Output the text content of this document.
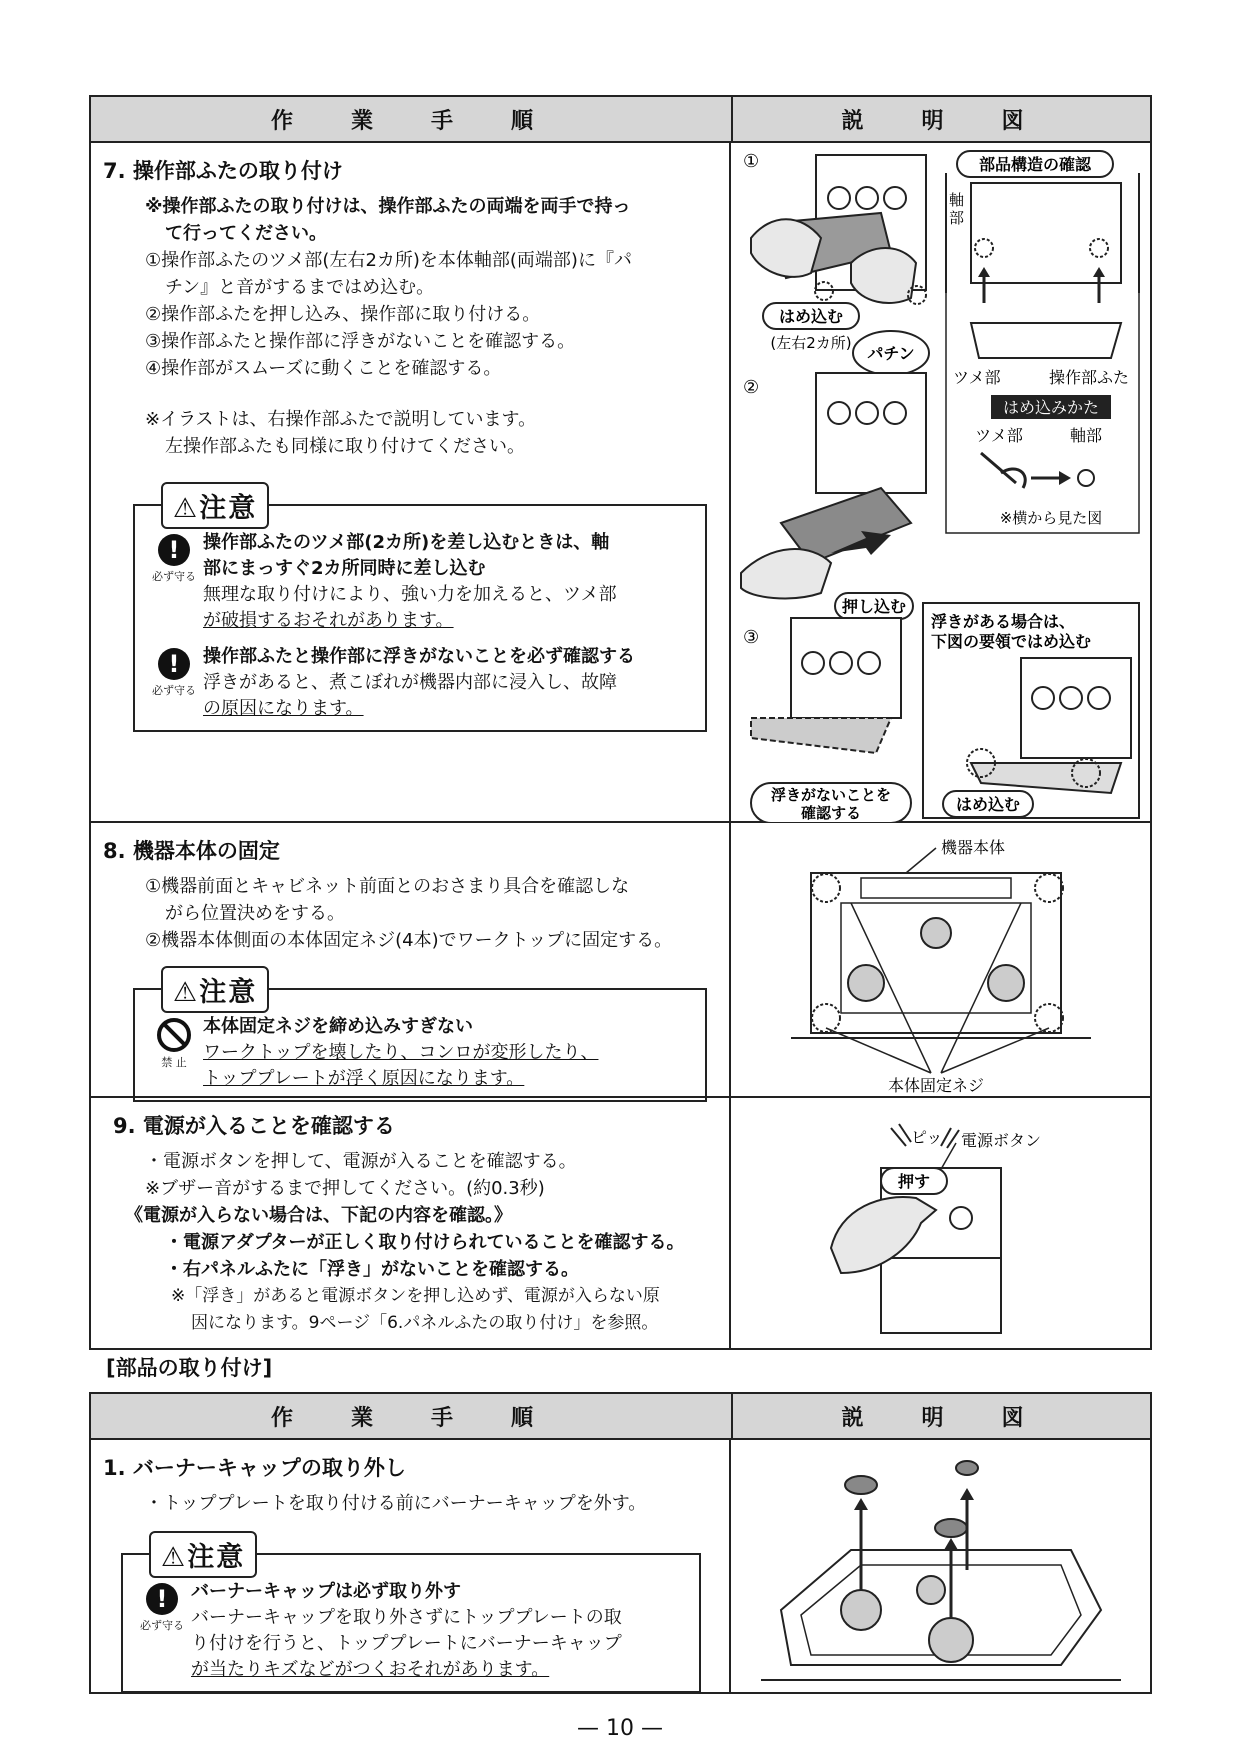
作　業　手　順	説　明　図
7. 操作部ふたの取り付け
※操作部ふたの取り付けは、操作部ふたの両端を両手で持っ
て行ってください。
①操作部ふたのツメ部(左右2カ所)を本体軸部(両端部)に『パ
チン』と音がするまではめ込む。
②操作部ふたを押し込み、操作部に取り付ける。
③操作部ふたと操作部に浮きがないことを確認する。
④操作部がスムーズに動くことを確認する。
※イラストは、右操作部ふたで説明しています。
左操作部ふたも同様に取り付けてください。
⚠注意
!
必ず守る
操作部ふたのツメ部(2カ所)を差し込むときは、軸
部にまっすぐ2カ所同時に差し込む
無理な取り付けにより、強い力を加えると、ツメ部
が破損するおそれがあります。
!
必ず守る
操作部ふたと操作部に浮きがないことを必ず確認する
浮きがあると、煮こぼれが機器内部に浸入し、故障
の原因になります。
①
はめ込む
(左右2カ所)
パチン
部品構造の確認
軸
部
ツメ部	操作部ふた
はめ込みかた
ツメ部	軸部
※横から見た図
②
押し込む
③
浮きがないことを
確認する
浮きがある場合は、
下図の要領ではめ込む
はめ込む
8. 機器本体の固定
①機器前面とキャビネット前面とのおさまり具合を確認しな
がら位置決めをする。
②機器本体側面の本体固定ネジ(4本)でワークトップに固定する。
⚠注意
禁 止
本体固定ネジを締め込みすぎない
ワークトップを壊したり、コンロが変形したり、
トッププレートが浮く原因になります。
機器本体
本体固定ネジ
9. 電源が入ることを確認する
・電源ボタンを押して、電源が入ることを確認する。
※ブザー音がするまで押してください。(約0.3秒)
《電源が入らない場合は、下記の内容を確認。》
・電源アダプターが正しく取り付けられていることを確認する。
・右パネルふたに「浮き」がないことを確認する。
※「浮き」があると電源ボタンを押し込めず、電源が入らない原
因になります。9ページ「6.パネルふたの取り付け」を参照。
ピッ 電源ボタン
押す
[部品の取り付け]
作　業　手　順	説　明　図
1. バーナーキャップの取り外し
・トッププレートを取り付ける前にバーナーキャップを外す。
⚠注意
!
必ず守る
バーナーキャップは必ず取り外す
バーナーキャップを取り外さずにトッププレートの取
り付けを行うと、トッププレートにバーナーキャップ
が当たりキズなどがつくおそれがあります。
— 10 —
